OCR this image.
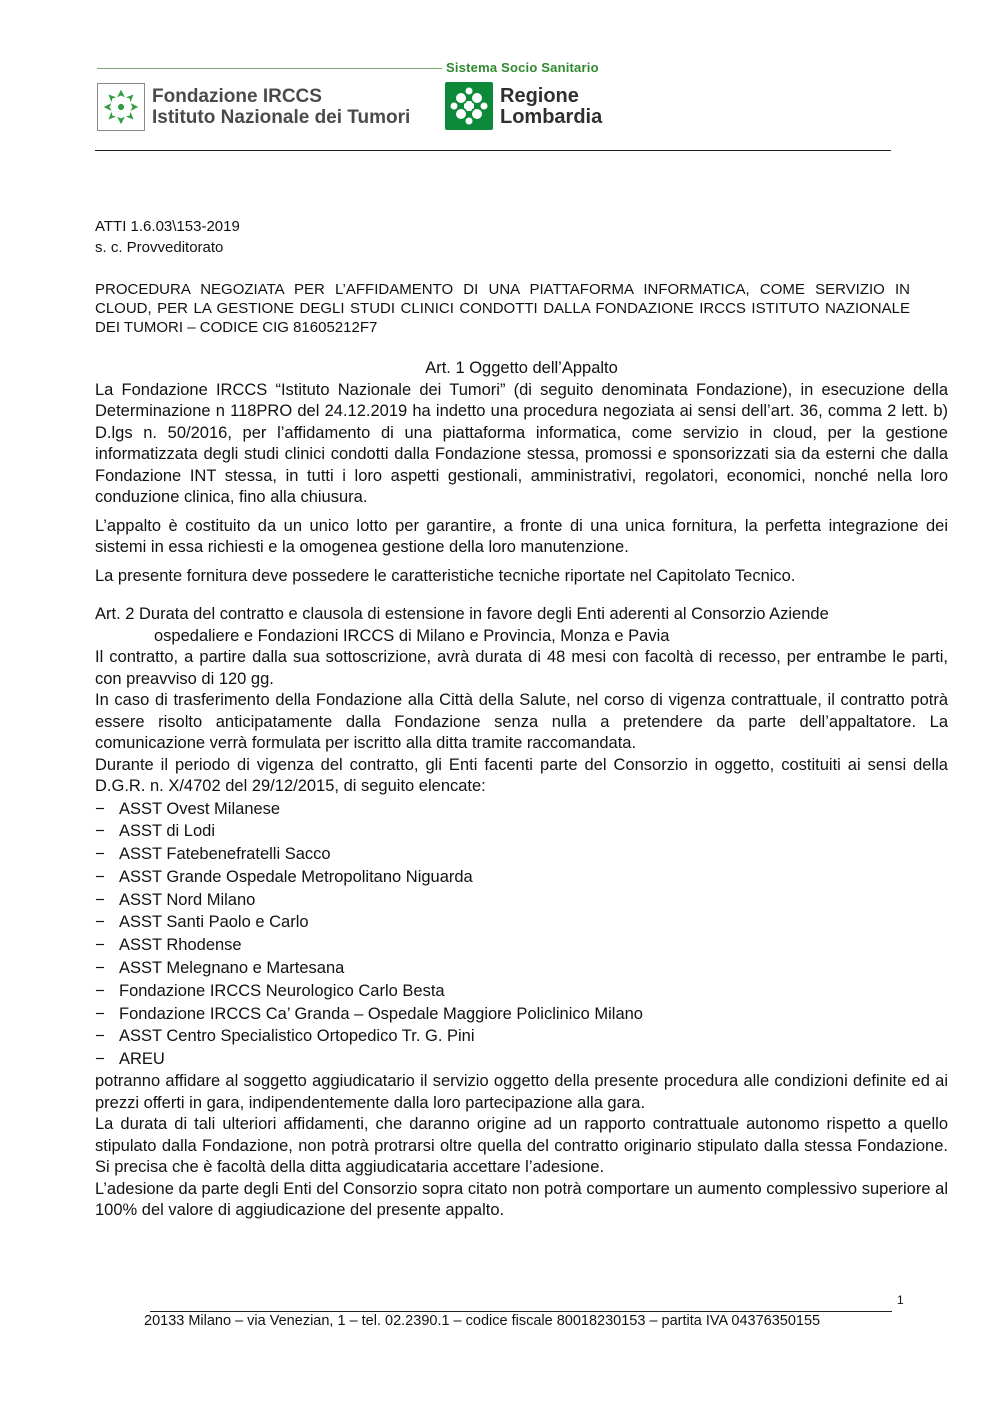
Sistema Socio Sanitario
Fondazione IRCCS
Istituto Nazionale dei Tumori
Regione
Lombardia
ATTI 1.6.03\153-2019
s. c. Provveditorato
PROCEDURA NEGOZIATA PER L’AFFIDAMENTO DI UNA PIATTAFORMA INFORMATICA, COME SERVIZIO IN CLOUD, PER LA GESTIONE DEGLI STUDI CLINICI CONDOTTI DALLA FONDAZIONE IRCCS ISTITUTO NAZIONALE DEI TUMORI – CODICE CIG 81605212F7

Art. 1 Oggetto dell’Appalto

La Fondazione IRCCS “Istituto Nazionale dei Tumori” (di seguito denominata Fondazione), in esecuzione della Determinazione n 118PRO del 24.12.2019 ha indetto una procedura negoziata ai sensi dell’art. 36, comma 2 lett. b) D.lgs n. 50/2016, per l’affidamento di una piattaforma informatica, come servizio in cloud, per la gestione informatizzata degli studi clinici condotti dalla Fondazione stessa, promossi e sponsorizzati sia da esterni che dalla Fondazione INT stessa, in tutti i loro aspetti gestionali, amministrativi, regolatori, economici, nonché nella loro conduzione clinica, fino alla chiusura.

L’appalto è costituito da un unico lotto per garantire, a fronte di una unica fornitura, la perfetta integrazione dei sistemi in essa richiesti e la omogenea gestione della loro manutenzione.

La presente fornitura deve possedere le caratteristiche tecniche riportate nel Capitolato Tecnico.

Art. 2 Durata del contratto e clausola di estensione in favore degli Enti aderenti al Consorzio Aziende
ospedaliere e Fondazioni IRCCS di Milano e Provincia, Monza e Pavia

Il contratto, a partire dalla sua sottoscrizione, avrà durata di 48 mesi con facoltà di recesso, per entrambe le parti, con preavviso di 120 gg.

In caso di trasferimento della Fondazione alla Città della Salute, nel corso di vigenza contrattuale, il contratto potrà essere risolto anticipatamente dalla Fondazione senza nulla a pretendere da parte dell’appaltatore. La comunicazione verrà formulata per iscritto alla ditta tramite raccomandata.

Durante il periodo di vigenza del contratto, gli Enti facenti parte del Consorzio in oggetto, costituiti ai sensi della D.G.R. n. X/4702 del 29/12/2015, di seguito elencate:

− ASST Ovest Milanese
− ASST di Lodi
− ASST Fatebenefratelli Sacco
− ASST Grande Ospedale Metropolitano Niguarda
− ASST Nord Milano
− ASST Santi Paolo e Carlo
− ASST Rhodense
− ASST Melegnano e Martesana
− Fondazione IRCCS Neurologico Carlo Besta
− Fondazione IRCCS Ca’ Granda – Ospedale Maggiore Policlinico Milano
− ASST Centro Specialistico Ortopedico Tr. G. Pini
− AREU

potranno affidare al soggetto aggiudicatario il servizio oggetto della presente procedura alle condizioni definite ed ai prezzi offerti in gara, indipendentemente dalla loro partecipazione alla gara.

La durata di tali ulteriori affidamenti, che daranno origine ad un rapporto contrattuale autonomo rispetto a quello stipulato dalla Fondazione, non potrà protrarsi oltre quella del contratto originario stipulato dalla stessa Fondazione. Si precisa che è facoltà della ditta aggiudicataria accettare l’adesione.

L’adesione da parte degli Enti del Consorzio sopra citato non potrà comportare un aumento complessivo superiore al 100% del valore di aggiudicazione del presente appalto.

1
20133 Milano – via Venezian, 1 – tel. 02.2390.1 – codice fiscale 80018230153 – partita IVA 04376350155
